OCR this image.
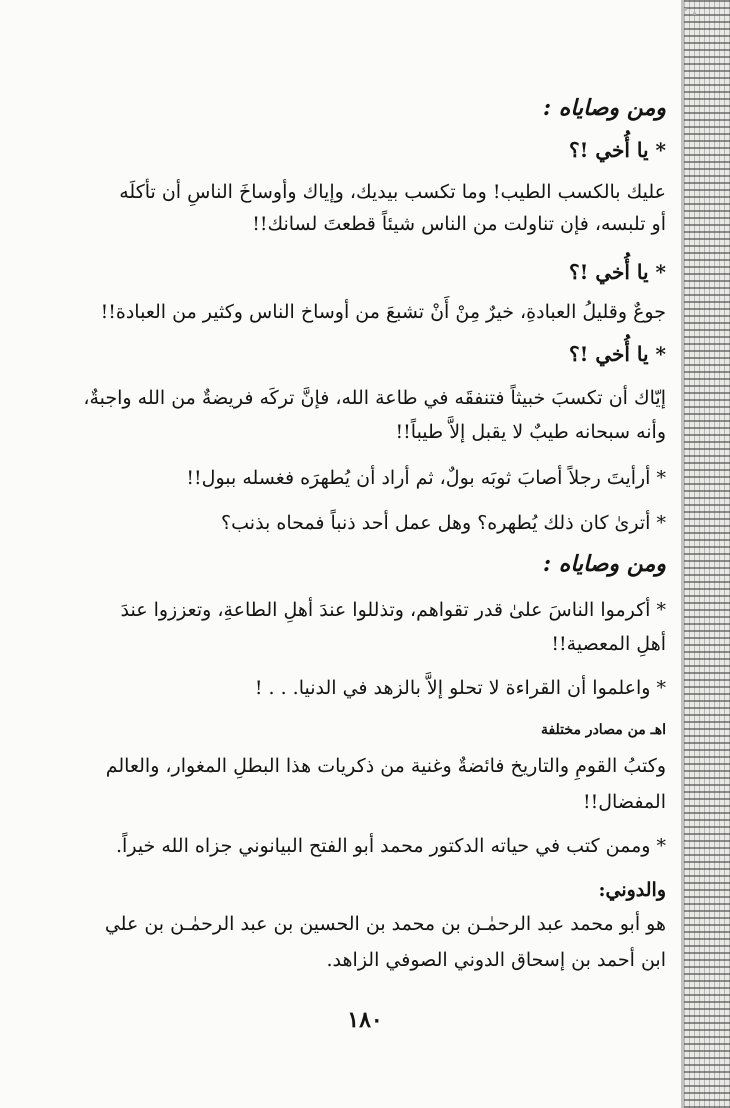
ومن وصاياه :
* يا أُخي !؟
عليك بالكسب الطيب! وما تكسب بيديك، وإياك وأوساخَ الناسِ أن تأكلَه
أو تلبسه، فإن تناولت من الناس شيئاً قطعتَ لسانك!!
* يا أُخي !؟
جوعٌ وقليلُ العبادةِ، خيرٌ مِنْ أَنْ تشبعَ من أوساخ الناس وكثير من العبادة!!
* يا أُخي !؟
إيّاك أن تكسبَ خبيثاً فتنفقَه في طاعة الله، فإنَّ تركَه فريضةٌ من الله واجبةٌ،
وأنه سبحانه طيبٌ لا يقبل إلاَّ طيباً!!
* أرأيتَ رجلاً أصابَ ثوبَه بولٌ، ثم أراد أن يُطهرَه فغسله ببول!!
* أترىٰ كان ذلك يُطهره؟ وهل عمل أحد ذنباً فمحاه بذنب؟
ومن وصاياه :
* أكرموا الناسَ علىٰ قدر تقواهم، وتذللوا عندَ أهلِ الطاعةِ، وتعززوا عندَ
أهلِ المعصية!!
* واعلموا أن القراءة لا تحلو إلاَّ بالزهد في الدنيا. . . !
اهـ من مصادر مختلفة
وكتبُ القومِ والتاريخ فائضةٌ وغنية من ذكريات هذا البطلِ المغوار، والعالم
المفضال!!
* وممن كتب في حياته الدكتور محمد أبو الفتح البيانوني جزاه الله خيراً.
والدوني:
هو أبو محمد عبد الرحمٰـن بن محمد بن الحسين بن عبد الرحمٰـن بن علي
ابن أحمد بن إسحاق الدوني الصوفي الزاهد.
١٨٠
